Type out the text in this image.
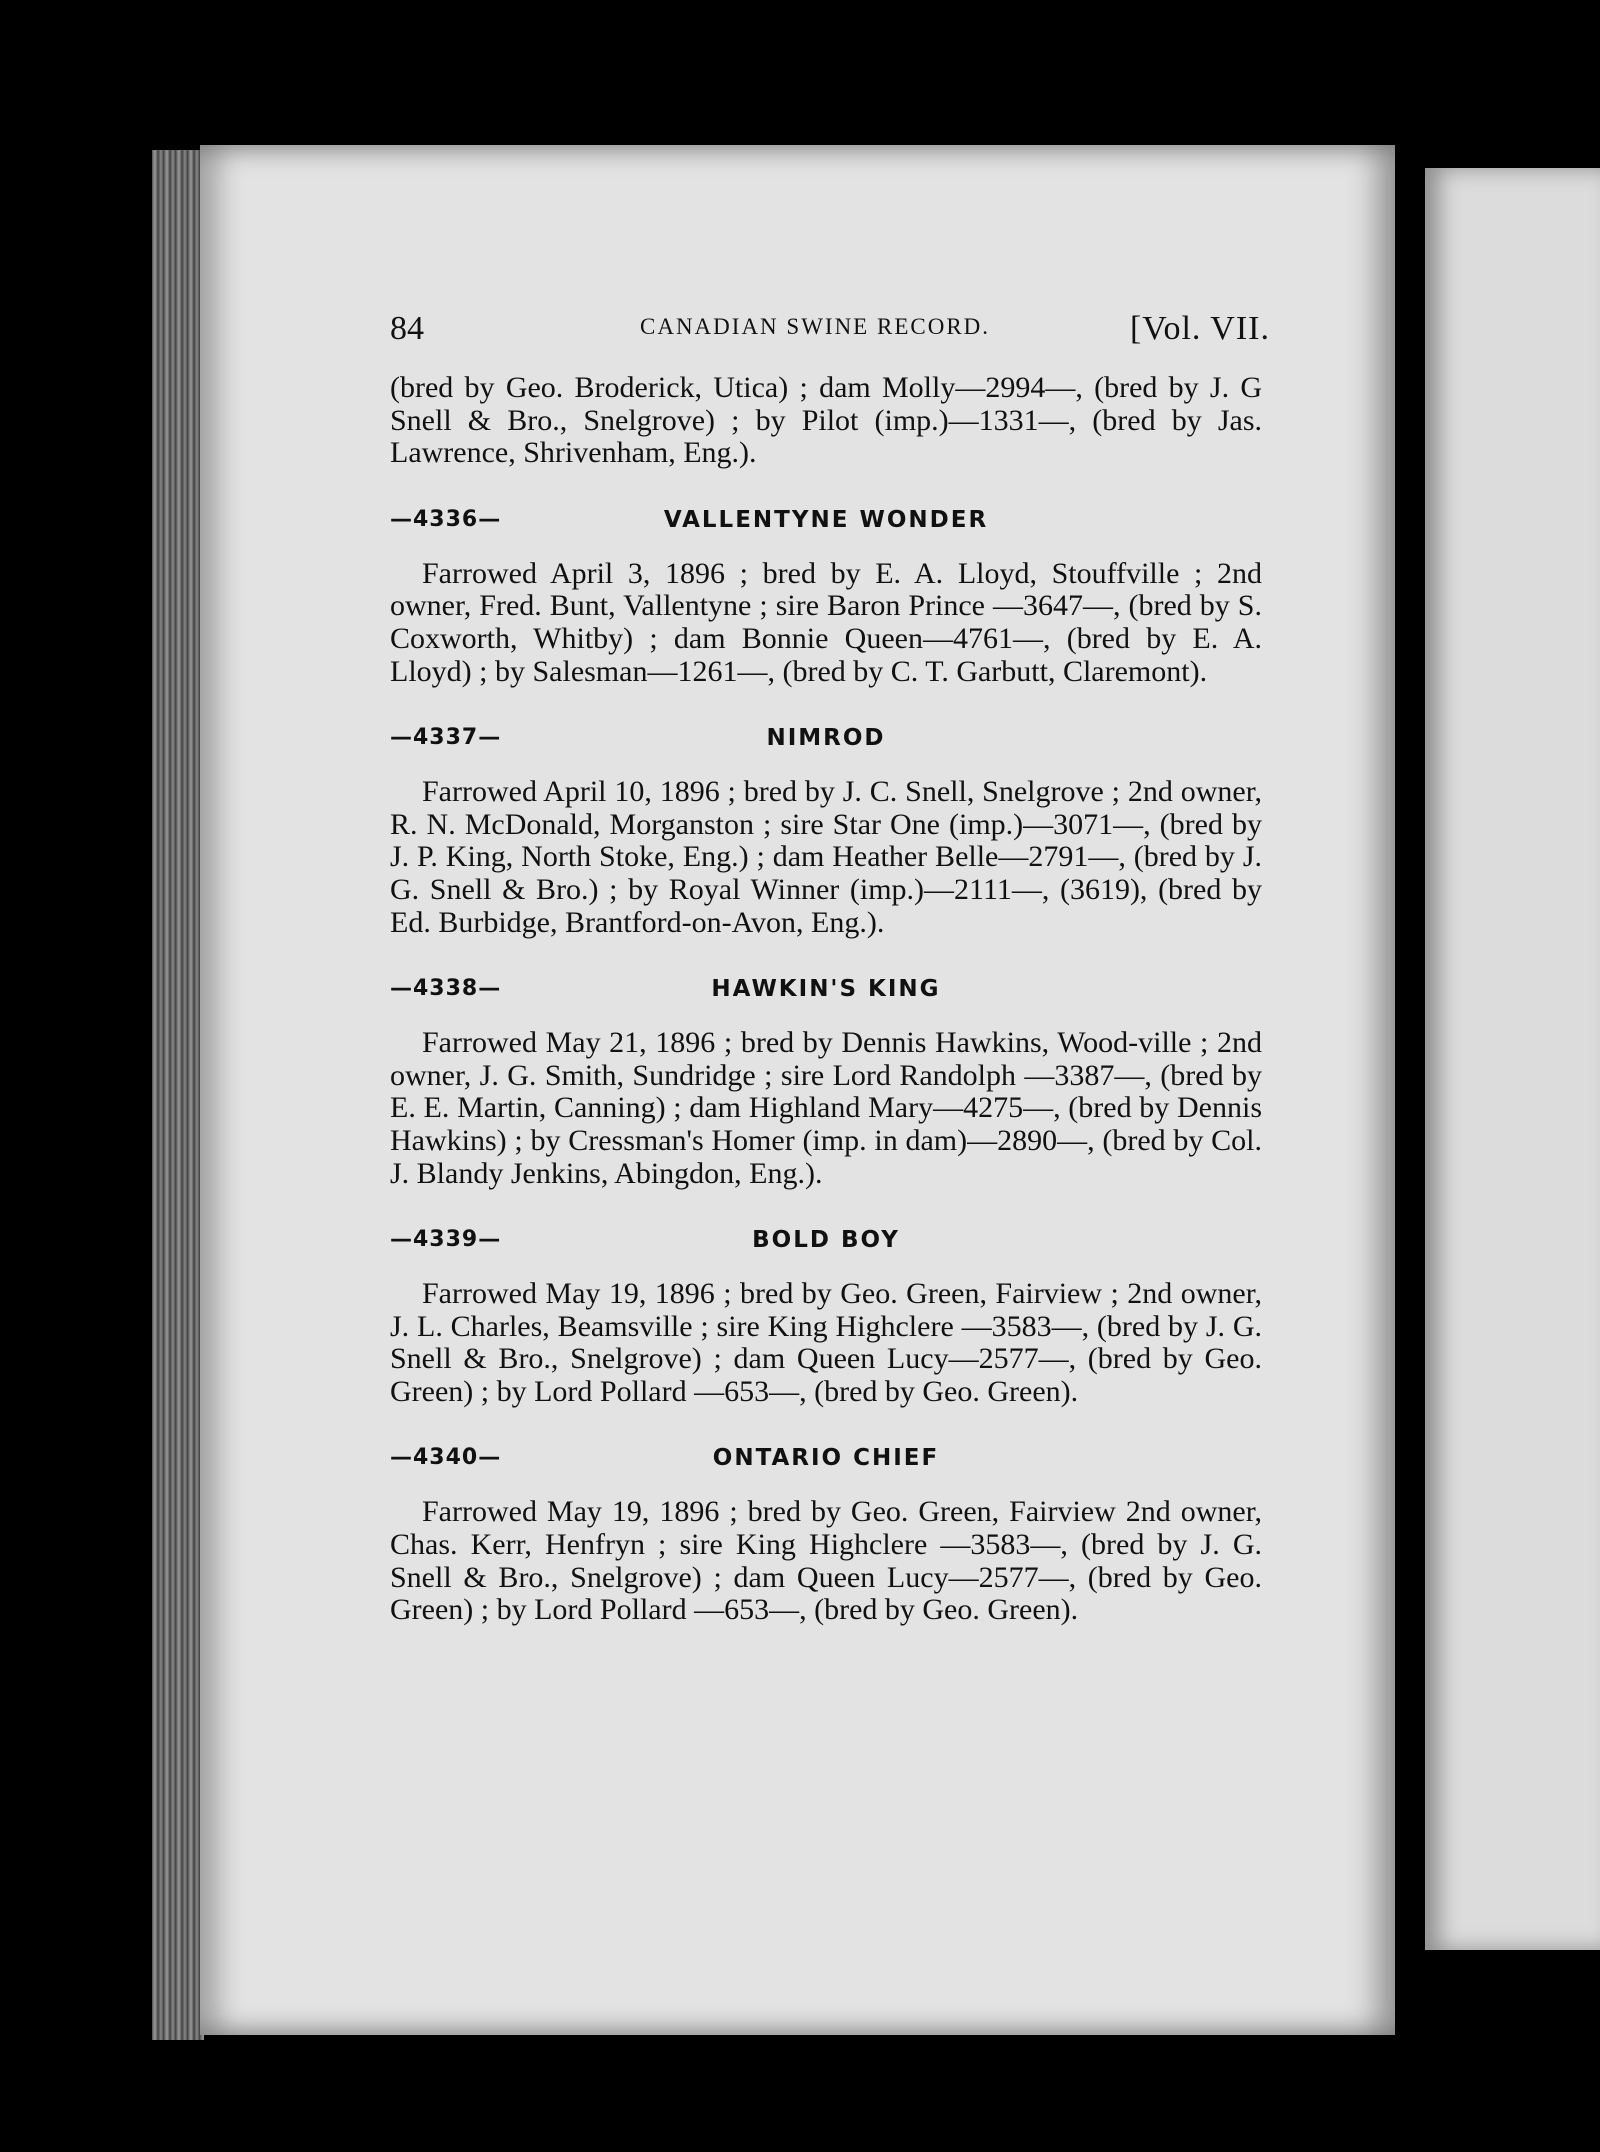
84	CANADIAN SWINE RECORD.	[Vol. VII.

(bred by Geo. Broderick, Utica) ; dam Molly—2994—, (bred by J. G Snell & Bro., Snelgrove) ; by Pilot (imp.)—1331—, (bred by Jas. Lawrence, Shrivenham, Eng.).

—4336—	VALLENTYNE WONDER

Farrowed April 3, 1896 ; bred by E. A. Lloyd, Stouffville ; 2nd owner, Fred. Bunt, Vallentyne ; sire Baron Prince —3647—, (bred by S. Coxworth, Whitby) ; dam Bonnie Queen—4761—, (bred by E. A. Lloyd) ; by Salesman—1261—, (bred by C. T. Garbutt, Claremont).

—4337—	NIMROD

Farrowed April 10, 1896 ; bred by J. C. Snell, Snelgrove ; 2nd owner, R. N. McDonald, Morganston ; sire Star One (imp.)—3071—, (bred by J. P. King, North Stoke, Eng.) ; dam Heather Belle—2791—, (bred by J. G. Snell & Bro.) ; by Royal Winner (imp.)—2111—, (3619), (bred by Ed. Burbidge, Brantford-on-Avon, Eng.).

—4338—	HAWKIN'S KING

Farrowed May 21, 1896 ; bred by Dennis Hawkins, Wood-ville ; 2nd owner, J. G. Smith, Sundridge ; sire Lord Randolph —3387—, (bred by E. E. Martin, Canning) ; dam Highland Mary—4275—, (bred by Dennis Hawkins) ; by Cressman's Homer (imp. in dam)—2890—, (bred by Col. J. Blandy Jenkins, Abingdon, Eng.).

—4339—	BOLD BOY

Farrowed May 19, 1896 ; bred by Geo. Green, Fairview ; 2nd owner, J. L. Charles, Beamsville ; sire King Highclere —3583—, (bred by J. G. Snell & Bro., Snelgrove) ; dam Queen Lucy—2577—, (bred by Geo. Green) ; by Lord Pollard —653—, (bred by Geo. Green).

—4340—	ONTARIO CHIEF

Farrowed May 19, 1896 ; bred by Geo. Green, Fairview 2nd owner, Chas. Kerr, Henfryn ; sire King Highclere —3583—, (bred by J. G. Snell & Bro., Snelgrove) ; dam Queen Lucy—2577—, (bred by Geo. Green) ; by Lord Pollard —653—, (bred by Geo. Green).
